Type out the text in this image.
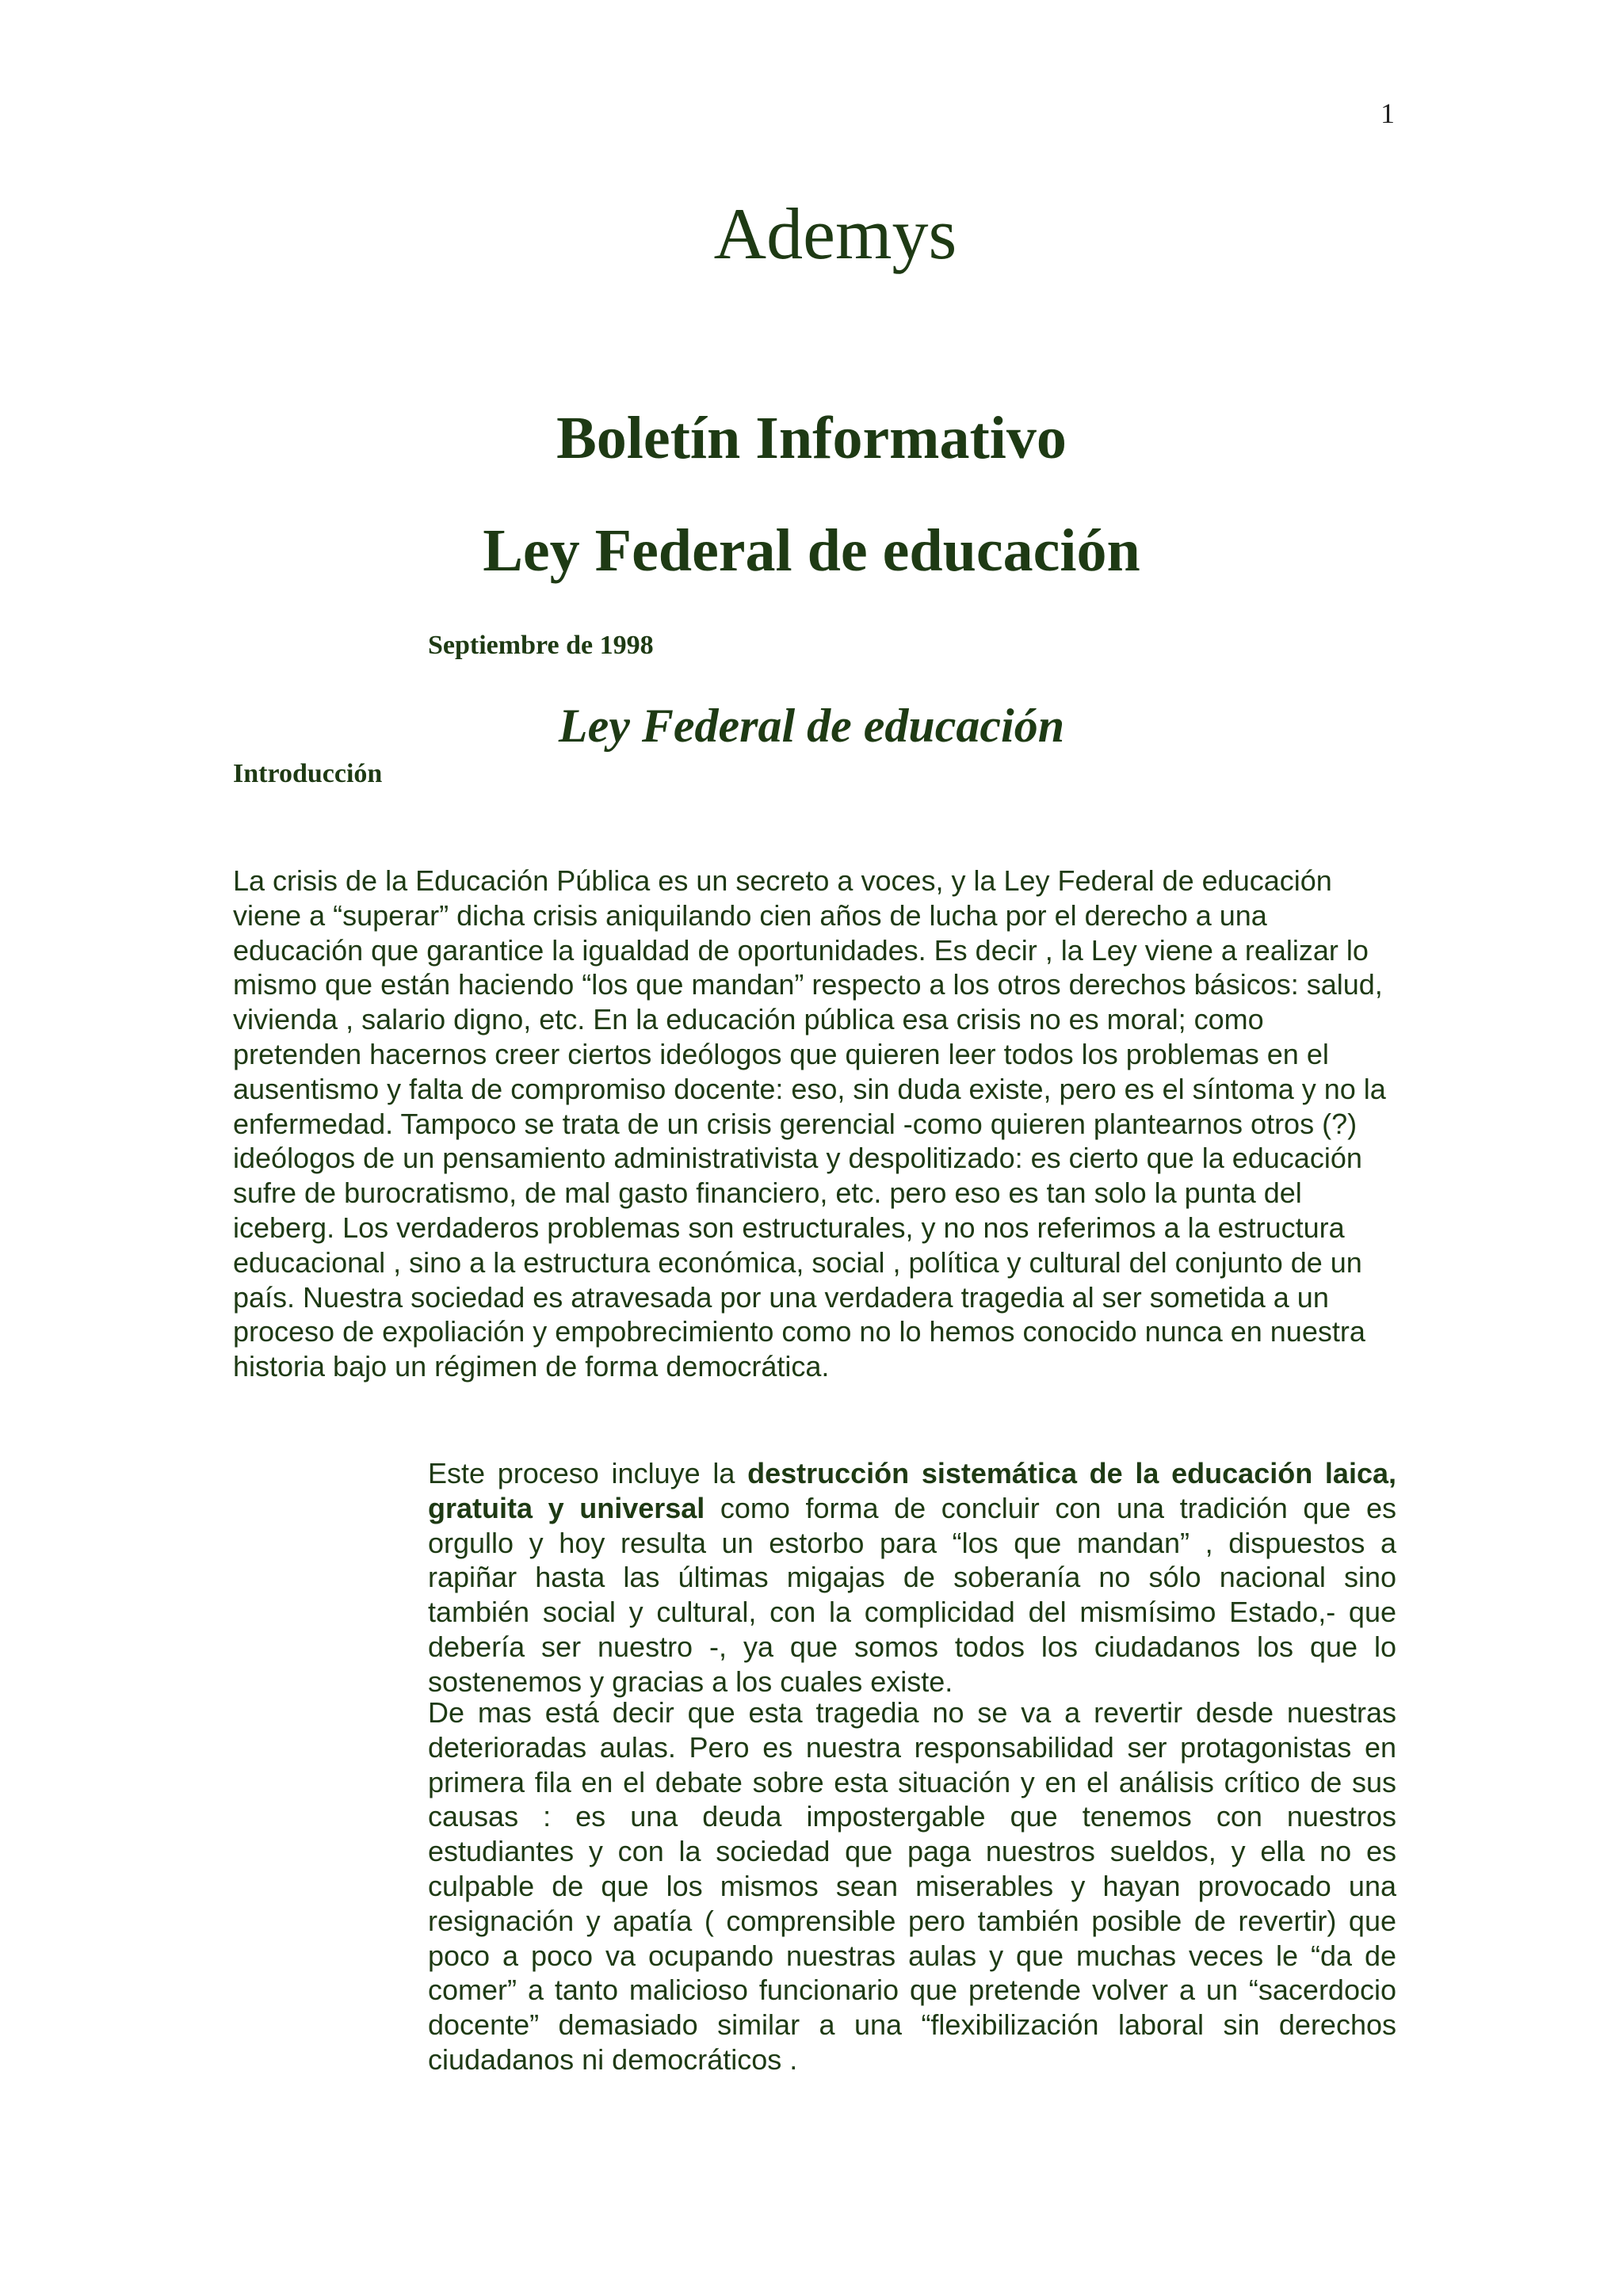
1
Ademys
Boletín Informativo
Ley Federal de educación
Septiembre de 1998
Ley Federal de educación
Introducción
La crisis de la Educación Pública es un secreto a voces, y la Ley Federal de educación viene a “superar” dicha crisis aniquilando cien años de lucha por el derecho a una educación que garantice la igualdad de oportunidades. Es decir , la Ley viene a realizar lo mismo que están haciendo “los que mandan” respecto a los otros derechos básicos: salud, vivienda , salario digno, etc. En la educación pública esa crisis no es moral; como pretenden hacernos creer ciertos ideólogos que quieren leer todos los problemas en el ausentismo y falta de compromiso docente: eso, sin duda existe, pero es el síntoma y no la enfermedad. Tampoco se trata de un crisis gerencial -como quieren plantearnos otros (?) ideólogos de un pensamiento administrativista y despolitizado: es cierto que la educación sufre de burocratismo, de mal gasto financiero, etc. pero eso es tan solo la punta del iceberg. Los verdaderos problemas son estructurales, y no nos referimos a la estructura educacional , sino a la estructura económica, social , política y cultural del conjunto de un país. Nuestra sociedad es atravesada por una verdadera tragedia al ser sometida a un proceso de expoliación y empobrecimiento como no lo hemos conocido nunca en nuestra historia bajo un régimen de forma democrática.
Este proceso incluye la destrucción sistemática de la educación laica, gratuita y universal como forma de concluir con una tradición que es orgullo y hoy resulta un estorbo para “los que mandan” , dispuestos a rapiñar hasta las últimas migajas de soberanía no sólo nacional sino también social y cultural, con la complicidad del mismísimo Estado,- que debería ser nuestro -, ya que somos todos los ciudadanos los que lo sostenemos y gracias a los cuales existe.
De mas está decir que esta tragedia no se va a revertir desde nuestras deterioradas aulas. Pero es nuestra responsabilidad ser protagonistas en primera fila en el debate sobre esta situación y en el análisis crítico de sus causas : es una deuda impostergable que tenemos con nuestros estudiantes y con la sociedad que paga nuestros sueldos, y ella no es culpable de que los mismos sean miserables y hayan provocado una resignación y apatía ( comprensible pero también posible de revertir) que poco a poco va ocupando nuestras aulas y que muchas veces le “da de comer” a tanto malicioso funcionario que pretende volver a un “sacerdocio docente” demasiado similar a una “flexibilización laboral sin derechos ciudadanos ni democráticos .
